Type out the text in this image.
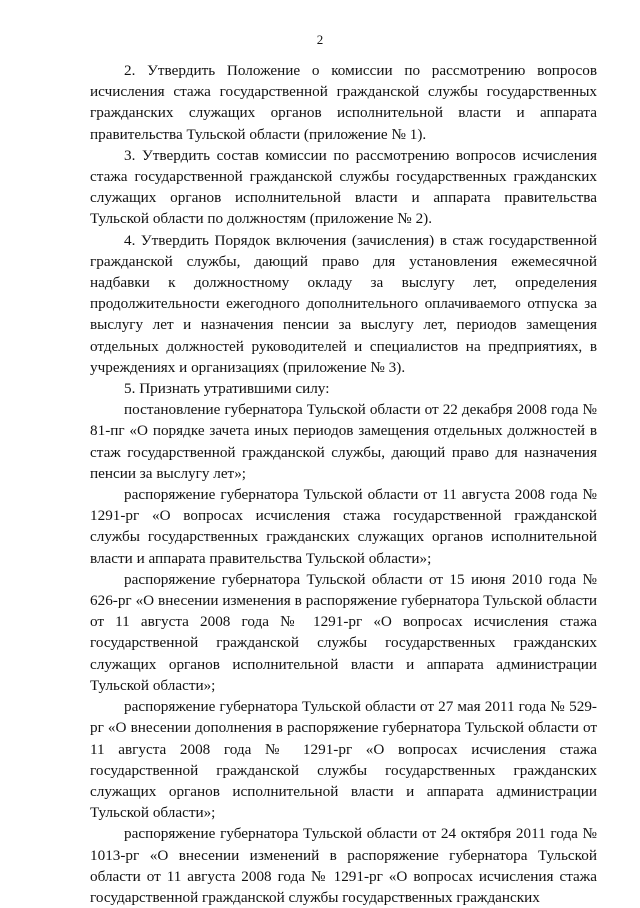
2

2. Утвердить Положение о комиссии по рассмотрению вопросов исчисления стажа государственной гражданской службы государственных гражданских служащих органов исполнительной власти и аппарата правительства Тульской области (приложение № 1).

3. Утвердить состав комиссии по рассмотрению вопросов исчисления стажа государственной гражданской службы государственных гражданских служащих органов исполнительной власти и аппарата правительства Тульской области по должностям (приложение № 2).

4. Утвердить Порядок включения (зачисления) в стаж государственной гражданской службы, дающий право для установления ежемесячной надбавки к должностному окладу за выслугу лет, определения продолжительности ежегодного дополнительного оплачиваемого отпуска за выслугу лет и назначения пенсии за выслугу лет, периодов замещения отдельных должностей руководителей и специалистов на предприятиях, в учреждениях и организациях (приложение № 3).

5. Признать утратившими силу:

постановление губернатора Тульской области от 22 декабря 2008 года № 81-пг «О порядке зачета иных периодов замещения отдельных должностей в стаж государственной гражданской службы, дающий право для назначения пенсии за выслугу лет»;

распоряжение губернатора Тульской области от 11 августа 2008 года № 1291-рг «О вопросах исчисления стажа государственной гражданской службы государственных гражданских служащих органов исполнительной власти и аппарата правительства Тульской области»;

распоряжение губернатора Тульской области от 15 июня 2010 года № 626-рг «О внесении изменения в распоряжение губернатора Тульской области от 11 августа 2008 года № 1291-рг «О вопросах исчисления стажа государственной гражданской службы государственных гражданских служащих органов исполнительной власти и аппарата администрации Тульской области»;

распоряжение губернатора Тульской области от 27 мая 2011 года № 529-рг «О внесении дополнения в распоряжение губернатора Тульской области от 11 августа 2008 года № 1291-рг «О вопросах исчисления стажа государственной гражданской службы государственных гражданских служащих органов исполнительной власти и аппарата администрации Тульской области»;

распоряжение губернатора Тульской области от 24 октября 2011 года № 1013-рг «О внесении изменений в распоряжение губернатора Тульской области от 11 августа 2008 года № 1291-рг «О вопросах исчисления стажа государственной гражданской службы государственных гражданских
